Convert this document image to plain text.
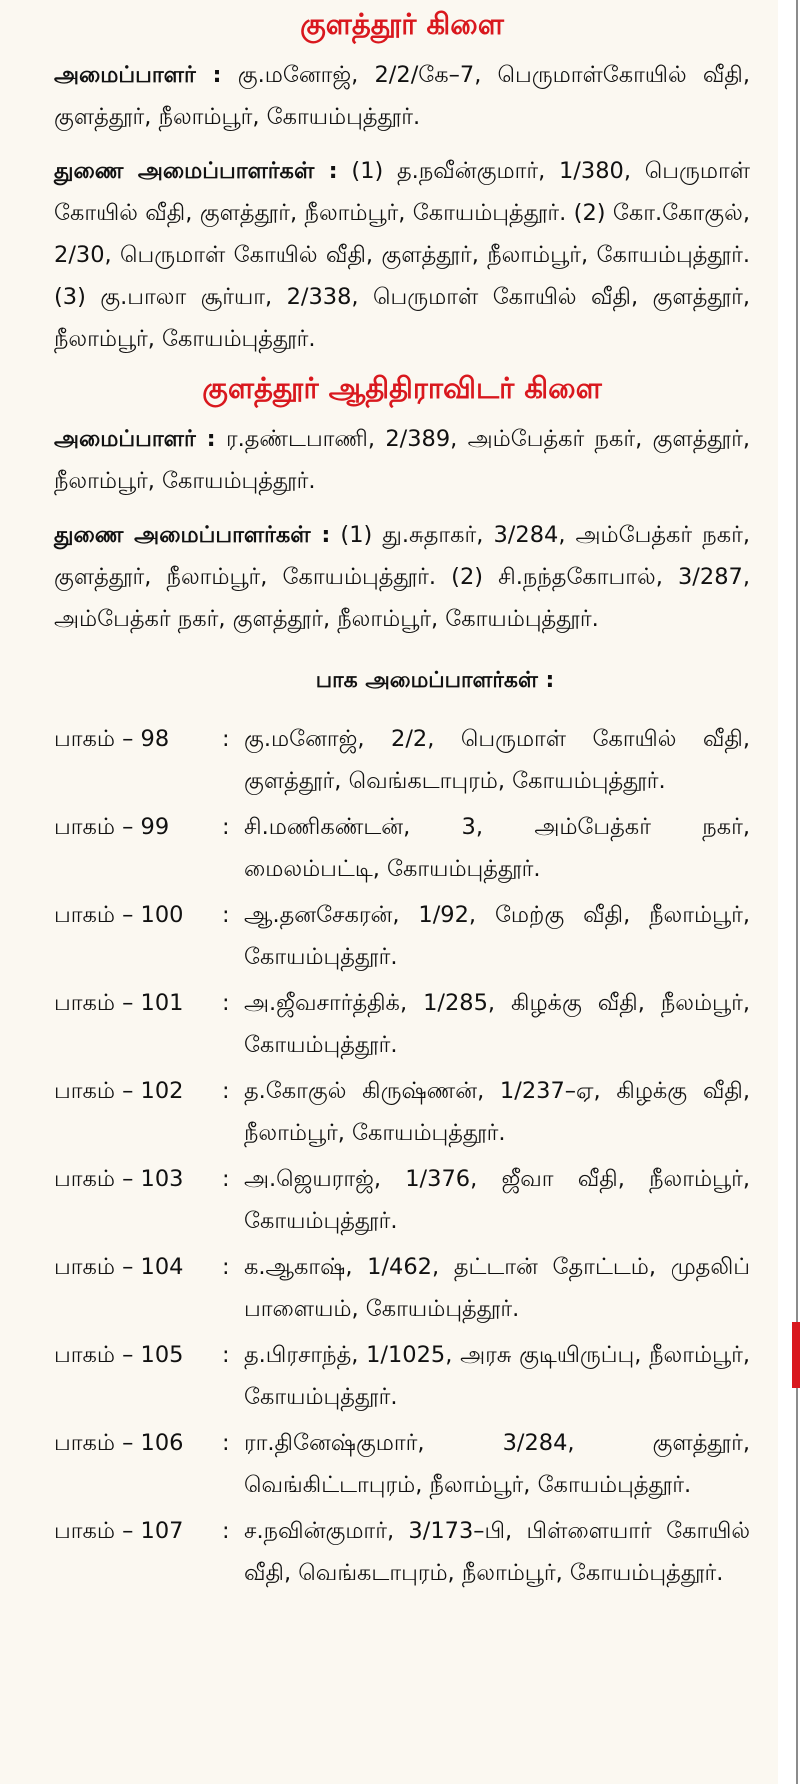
குளத்தூர் கிளை
அமைப்பாளர் : கு.மனோஜ், 2/2/கே–7, பெருமாள்கோயில் வீதி, குளத்தூர், நீலாம்பூர், கோயம்புத்தூர்.
துணை அமைப்பாளர்கள் : (1) த.நவீன்குமார், 1/380, பெருமாள் கோயில் வீதி, குளத்தூர், நீலாம்பூர், கோயம்புத்தூர். (2) கோ.கோகுல், 2/30, பெருமாள் கோயில் வீதி, குளத்தூர், நீலாம்பூர், கோயம்புத்தூர். (3) கு.பாலா சூர்யா, 2/338, பெருமாள் கோயில் வீதி, குளத்தூர், நீலாம்பூர், கோயம்புத்தூர்.
குளத்தூர் ஆதிதிராவிடர் கிளை
அமைப்பாளர் : ர.தண்டபாணி, 2/389, அம்பேத்கர் நகர், குளத்தூர், நீலாம்பூர், கோயம்புத்தூர்.
துணை அமைப்பாளர்கள் : (1) து.சுதாகர், 3/284, அம்பேத்கர் நகர், குளத்தூர், நீலாம்பூர், கோயம்புத்தூர். (2) சி.நந்தகோபால், 3/287, அம்பேத்கர் நகர், குளத்தூர், நீலாம்பூர், கோயம்புத்தூர்.
பாக அமைப்பாளர்கள் :
பாகம் – 98	: கு.மனோஜ், 2/2, பெருமாள் கோயில் வீதி, குளத்தூர், வெங்கடாபுரம், கோயம்புத்தூர்.
பாகம் – 99	: சி.மணிகண்டன், 3, அம்பேத்கர் நகர், மைலம்பட்டி, கோயம்புத்தூர்.
பாகம் – 100	: ஆ.தனசேகரன், 1/92, மேற்கு வீதி, நீலாம்பூர், கோயம்புத்தூர்.
பாகம் – 101	: அ.ஜீவசார்த்திக், 1/285, கிழக்கு வீதி, நீலம்பூர், கோயம்புத்தூர்.
பாகம் – 102	: த.கோகுல் கிருஷ்ணன், 1/237–ஏ, கிழக்கு வீதி, நீலாம்பூர், கோயம்புத்தூர்.
பாகம் – 103	: அ.ஜெயராஜ், 1/376, ஜீவா வீதி, நீலாம்பூர், கோயம்புத்தூர்.
பாகம் – 104	: க.ஆகாஷ், 1/462, தட்டான் தோட்டம், முதலிப் பாளையம், கோயம்புத்தூர்.
பாகம் – 105	: த.பிரசாந்த், 1/1025, அரசு குடியிருப்பு, நீலாம்பூர், கோயம்புத்தூர்.
பாகம் – 106	: ரா.தினேஷ்குமார், 3/284, குளத்தூர், வெங்கிட்டாபுரம், நீலாம்பூர், கோயம்புத்தூர்.
பாகம் – 107	: ச.நவின்குமார், 3/173–பி, பிள்ளையார் கோயில் வீதி, வெங்கடாபுரம், நீலாம்பூர், கோயம்புத்தூர்.
